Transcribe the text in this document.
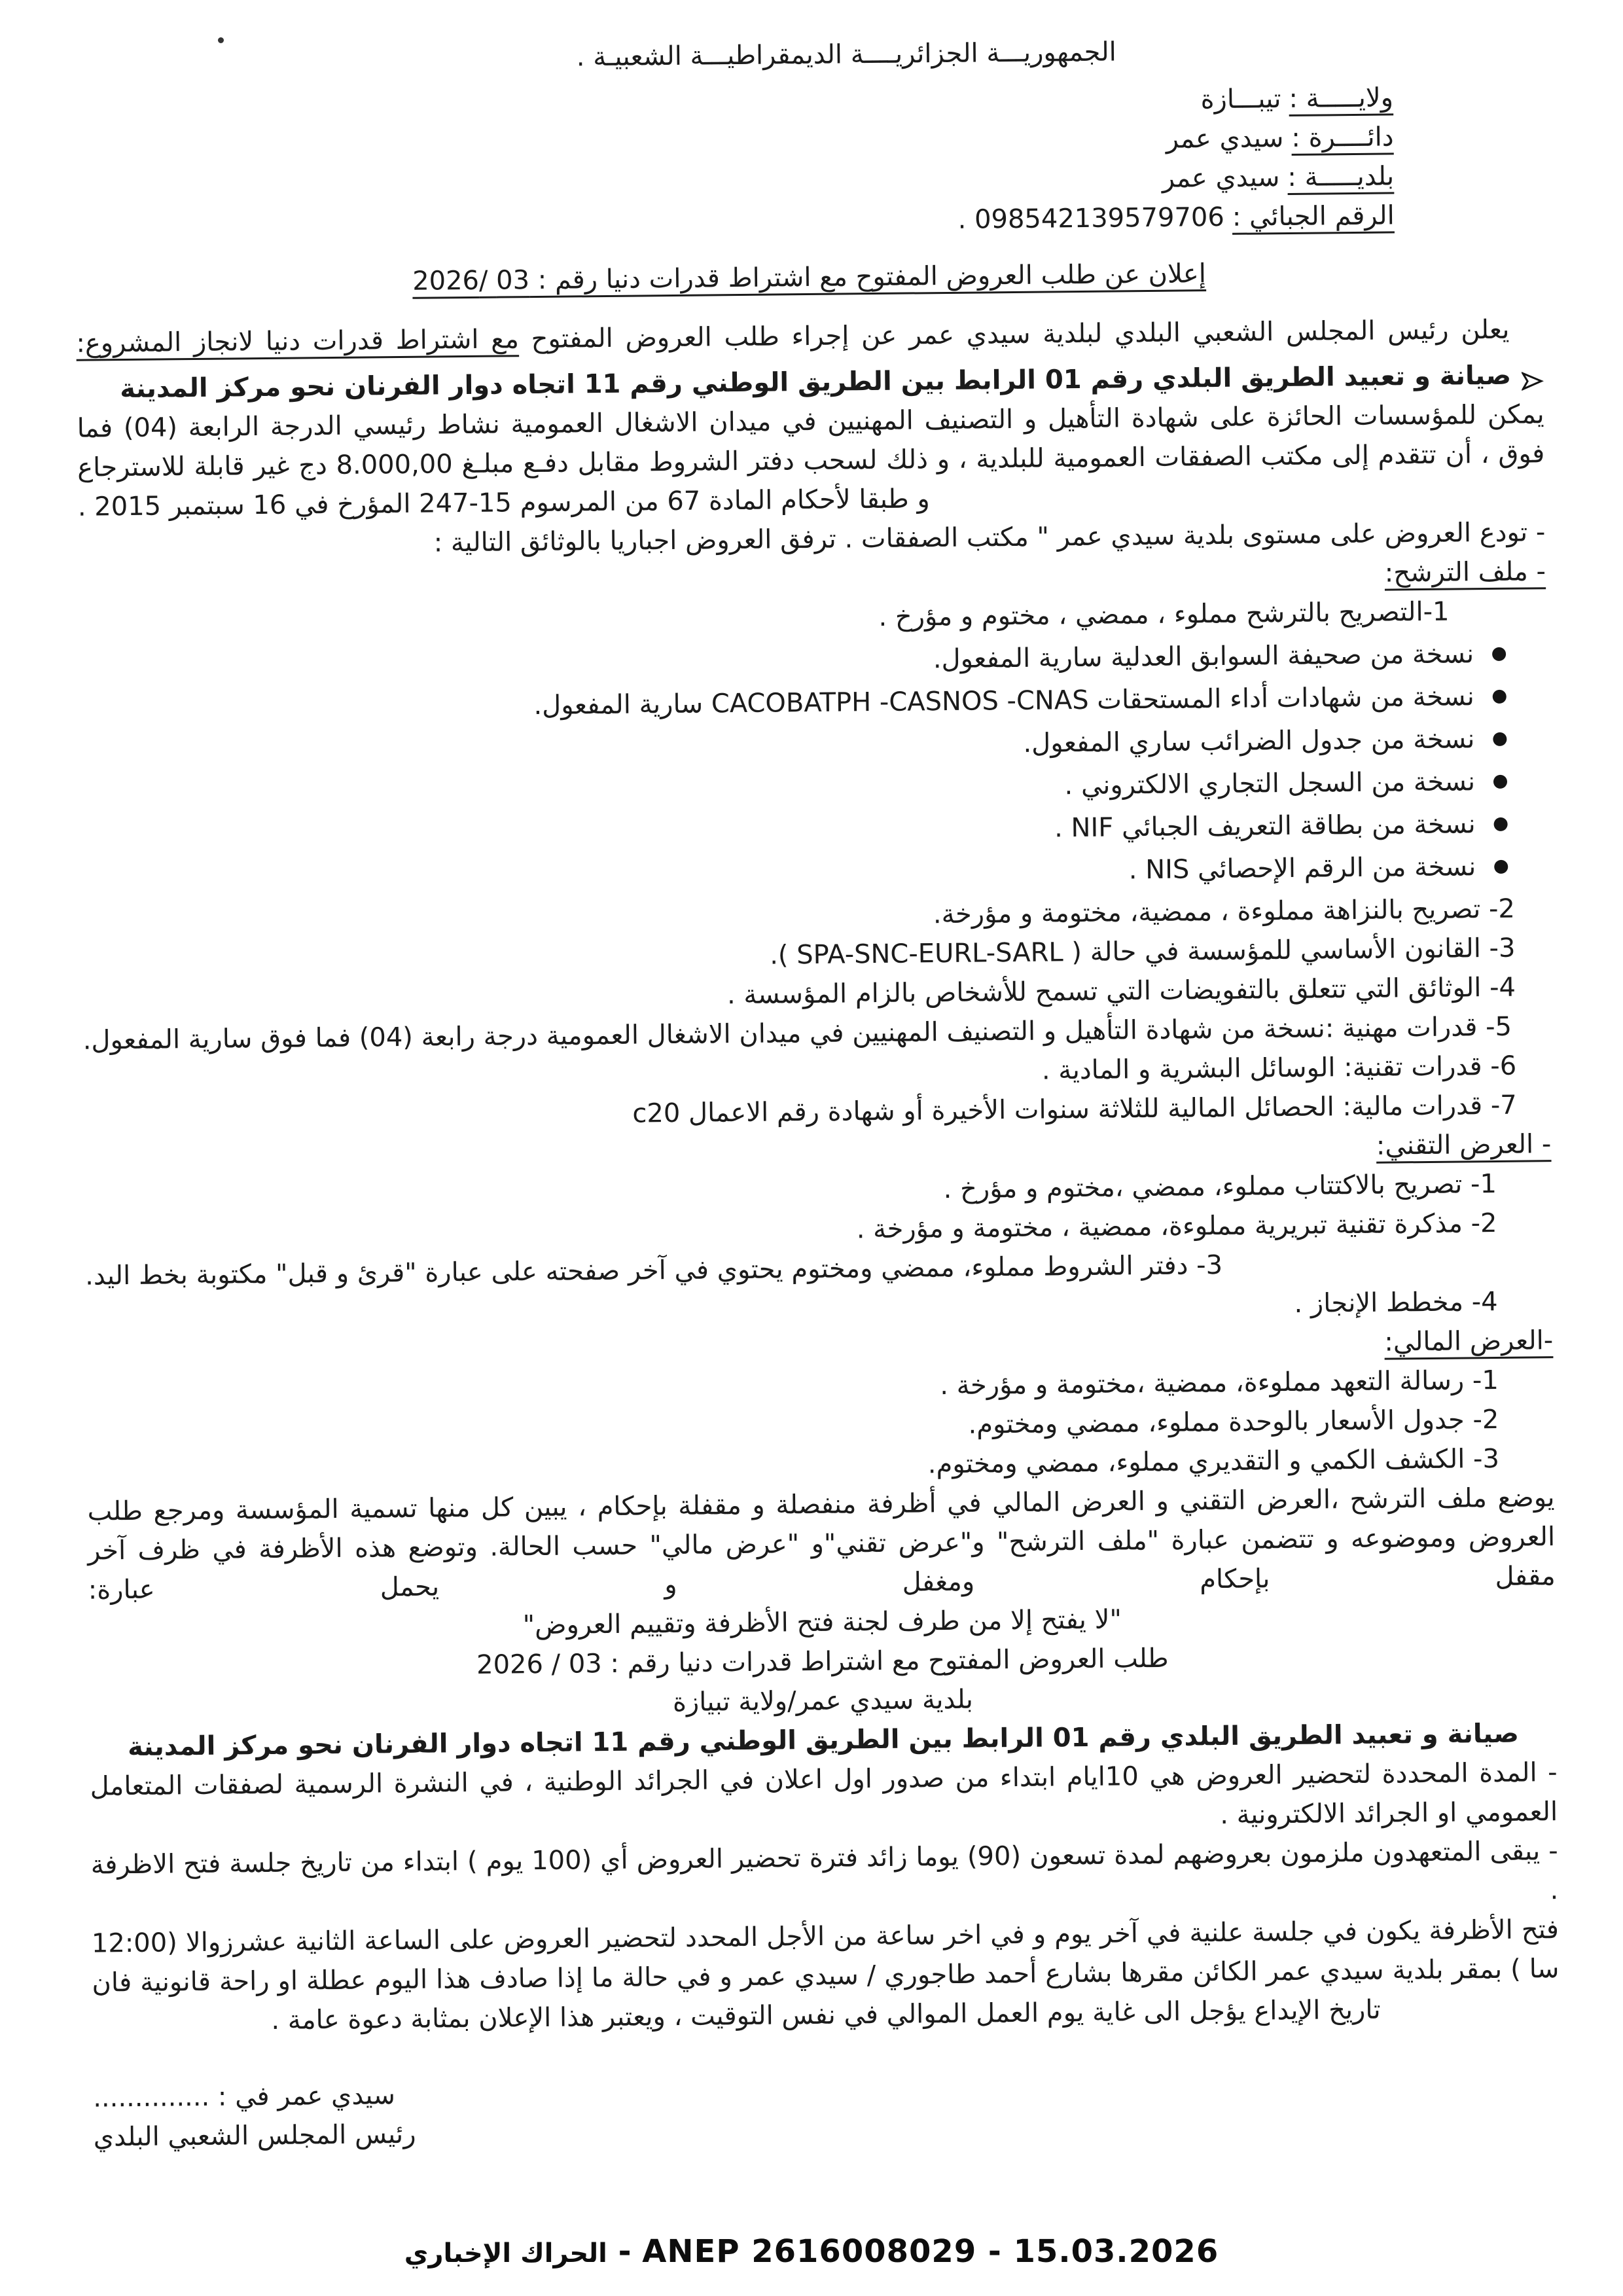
الجمهوريـــة الجزائريــــة الديمقراطيـــة الشعبيـة .
ولايـــــة :تيبـــازة
دائــــرة :سيدي عمر
بلديـــــة :سيدي عمر
الرقم الجبائي :098542139579706 .
إعلان عن طلب العروض المفتوح مع اشتراط قدرات دنيا رقم : 03 /2026
يعلن رئيس المجلس الشعبي البلدي لبلدية سيدي عمر عن إجراء طلب العروض المفتوح مع اشتراط قدرات دنيا لانجاز المشروع:
صيانة و تعبيد الطريق البلدي رقم 01 الرابط بين الطريق الوطني رقم 11 اتجاه دوار الفرنان نحو مركز المدينة
يمكن للمؤسسات الحائزة على شهادة التأهيل و التصنيف المهنيين في ميدان الاشغال العمومية نشاط رئيسي الدرجة الرابعة (04) فما فوق ، أن تتقدم إلى مكتب الصفقات العمومية للبلدية ، و ذلك لسحب دفتر الشروط مقابل دفـع مبلـغ 8.000,00 دج غير قابلة للاسترجاع و طبقا لأحكام المادة 67 من المرسوم 15-247 المؤرخ في 16 سبتمبر 2015 .
- تودع العروض على مستوى بلدية سيدي عمر " مكتب الصفقات . ترفق العروض اجباريا بالوثائق التالية :
- ملف الترشح:
1-التصريح بالترشح مملوء ، ممضي ، مختوم و مؤرخ .
نسخة من صحيفة السوابق العدلية سارية المفعول.
نسخة من شهادات أداء المستحقات CACOBATPH -CASNOS -CNAS سارية المفعول.
نسخة من جدول الضرائب ساري المفعول.
نسخة من السجل التجاري الالكتروني .
نسخة من بطاقة التعريف الجبائي NIF .
نسخة من الرقم الإحصائي NIS .
2- تصريح بالنزاهة مملوءة ، ممضية، مختومة و مؤرخة.
3- القانون الأساسي للمؤسسة في حالة ( SPA-SNC-EURL-SARL ).
4- الوثائق التي تتعلق بالتفويضات التي تسمح للأشخاص بالزام المؤسسة .
5- قدرات مهنية :نسخة من شهادة التأهيل و التصنيف المهنيين في ميدان الاشغال العمومية درجة رابعة (04) فما فوق سارية المفعول.
6- قدرات تقنية: الوسائل البشرية و المادية .
7- قدرات مالية: الحصائل المالية للثلاثة سنوات الأخيرة أو شهادة رقم الاعمال c20
- العرض التقني:
1- تصريح بالاكتتاب مملوء، ممضي ،مختوم و مؤرخ .
2- مذكرة تقنية تبريرية مملوءة، ممضية ، مختومة و مؤرخة .
3- دفتر الشروط مملوء، ممضي ومختوم يحتوي في آخر صفحته على عبارة "قرئ و قبل" مكتوبة بخط اليد.
4- مخطط الإنجاز .
-العرض المالي:
1- رسالة التعهد مملوءة، ممضية ،مختومة و مؤرخة .
2- جدول الأسعار بالوحدة مملوء، ممضي ومختوم.
3- الكشف الكمي و التقديري مملوء، ممضي ومختوم.
يوضع ملف الترشح ،العرض التقني و العرض المالي في أظرفة منفصلة و مقفلة بإحكام ، يبين كل منها تسمية المؤسسة ومرجع طلب العروض وموضوعه و تتضمن عبارة "ملف الترشح" و"عرض تقني"و "عرض مالي" حسب الحالة. وتوضع هذه الأظرفة في ظرف آخر مقفل بإحكام ومغفل و يحمل عبارة:
"لا يفتح إلا من طرف لجنة فتح الأظرفة وتقييم العروض"
طلب العروض المفتوح مع اشتراط قدرات دنيا رقم : 03 / 2026
بلدية سيدي عمر/ولاية تبيازة
صيانة و تعبيد الطريق البلدي رقم 01 الرابط بين الطريق الوطني رقم 11 اتجاه دوار الفرنان نحو مركز المدينة
- المدة المحددة لتحضير العروض هي 10ايام ابتداء من صدور اول اعلان في الجرائد الوطنية ، في النشرة الرسمية لصفقات المتعامل العمومي او الجرائد الالكترونية .
- يبقى المتعهدون ملزمون بعروضهم لمدة تسعون (90) يوما زائد فترة تحضير العروض أي (100 يوم ) ابتداء من تاريخ جلسة فتح الاظرفة .
فتح الأظرفة يكون في جلسة علنية في آخر يوم و في اخر ساعة من الأجل المحدد لتحضير العروض على الساعة الثانية عشرزوالا (12:00 سا ) بمقر بلدية سيدي عمر الكائن مقرها بشارع أحمد طاجوري / سيدي عمر و في حالة ما إذا صادف هذا اليوم عطلة او راحة قانونية فان تاريخ الإيداع يؤجل الى غاية يوم العمل الموالي في نفس التوقيت ، ويعتبر هذا الإعلان بمثابة دعوة عامة .
سيدي عمر في : ..............
رئيس المجلس الشعبي البلدي
الحراك الإخباري - ANEP 2616008029 - 15.03.2026
